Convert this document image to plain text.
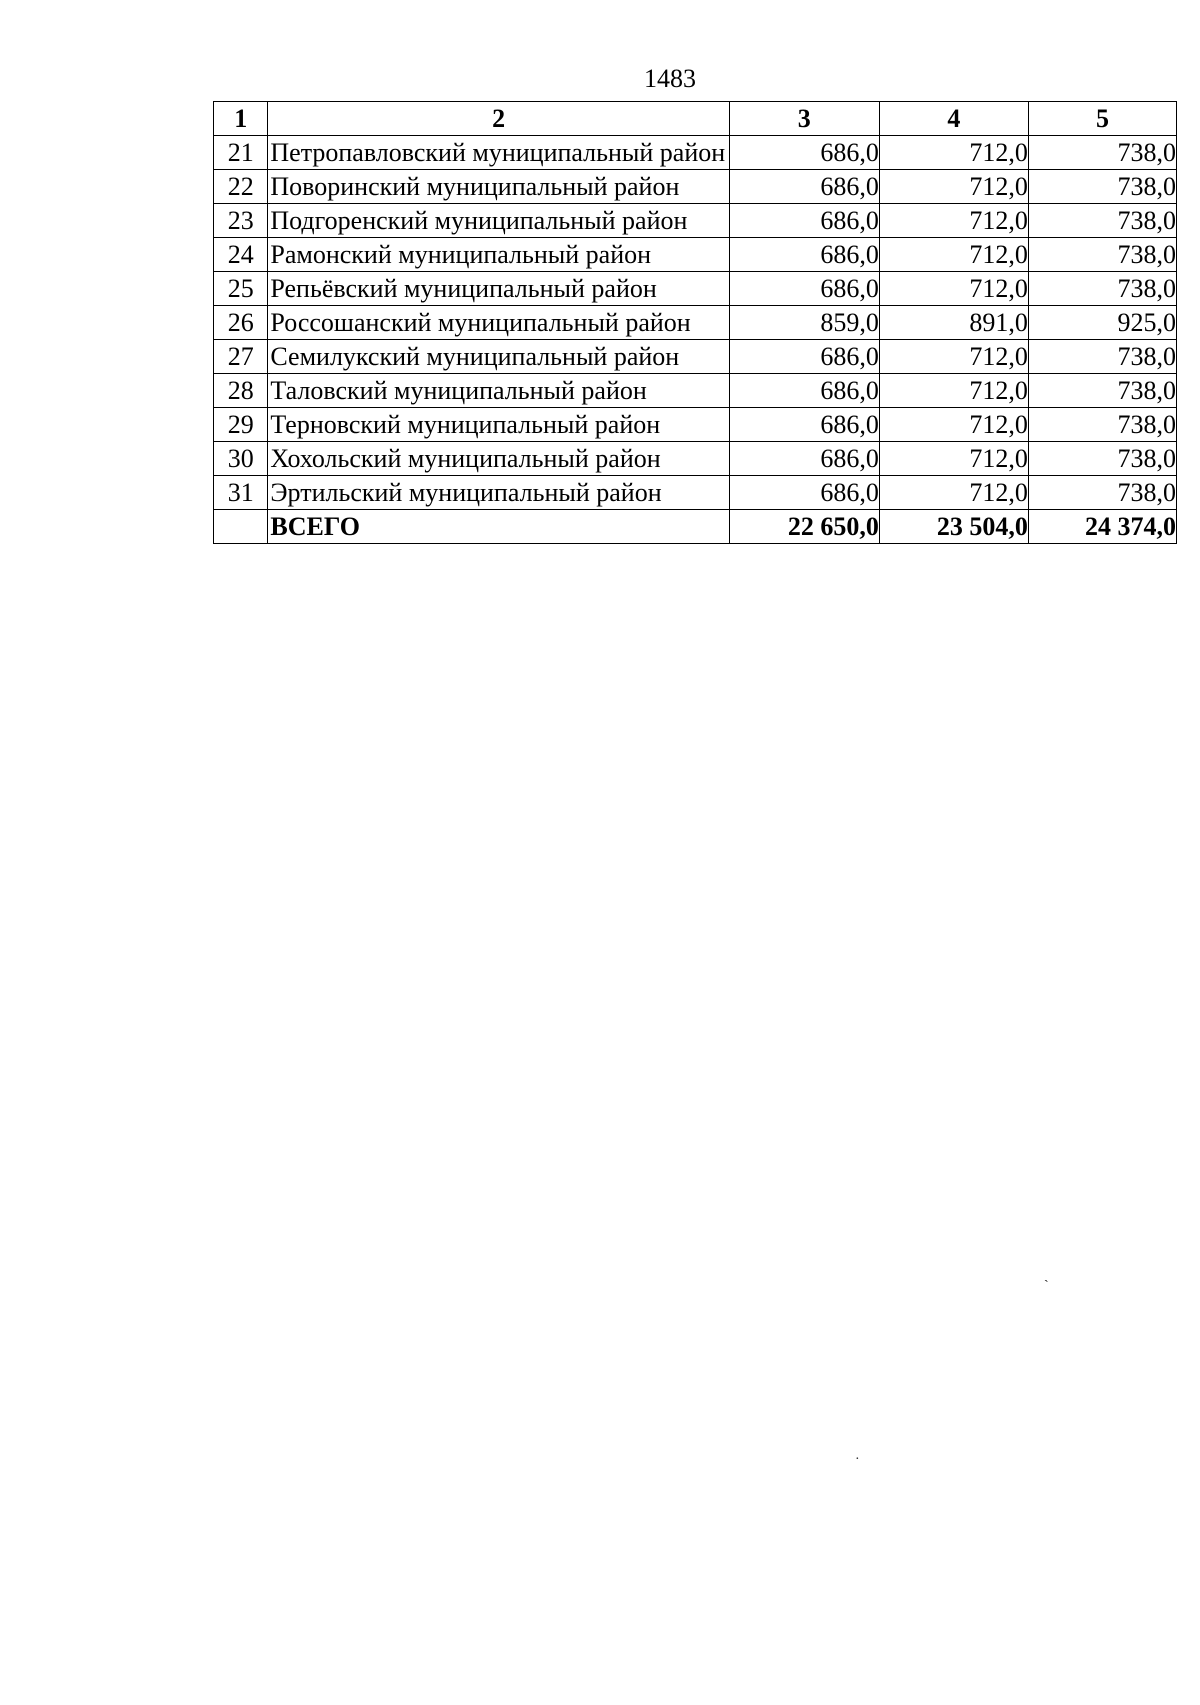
1483
1	2	3	4	5
21	Петропавловский муниципальный район	686,0	712,0	738,0
22	Поворинский муниципальный район	686,0	712,0	738,0
23	Подгоренский муниципальный район	686,0	712,0	738,0
24	Рамонский муниципальный район	686,0	712,0	738,0
25	Репьёвский муниципальный район	686,0	712,0	738,0
26	Россошанский муниципальный район	859,0	891,0	925,0
27	Семилукский муниципальный район	686,0	712,0	738,0
28	Таловский муниципальный район	686,0	712,0	738,0
29	Терновский муниципальный район	686,0	712,0	738,0
30	Хохольский муниципальный район	686,0	712,0	738,0
31	Эртильский муниципальный район	686,0	712,0	738,0
	ВСЕГО	22 650,0	23 504,0	24 374,0
ˏ
·
